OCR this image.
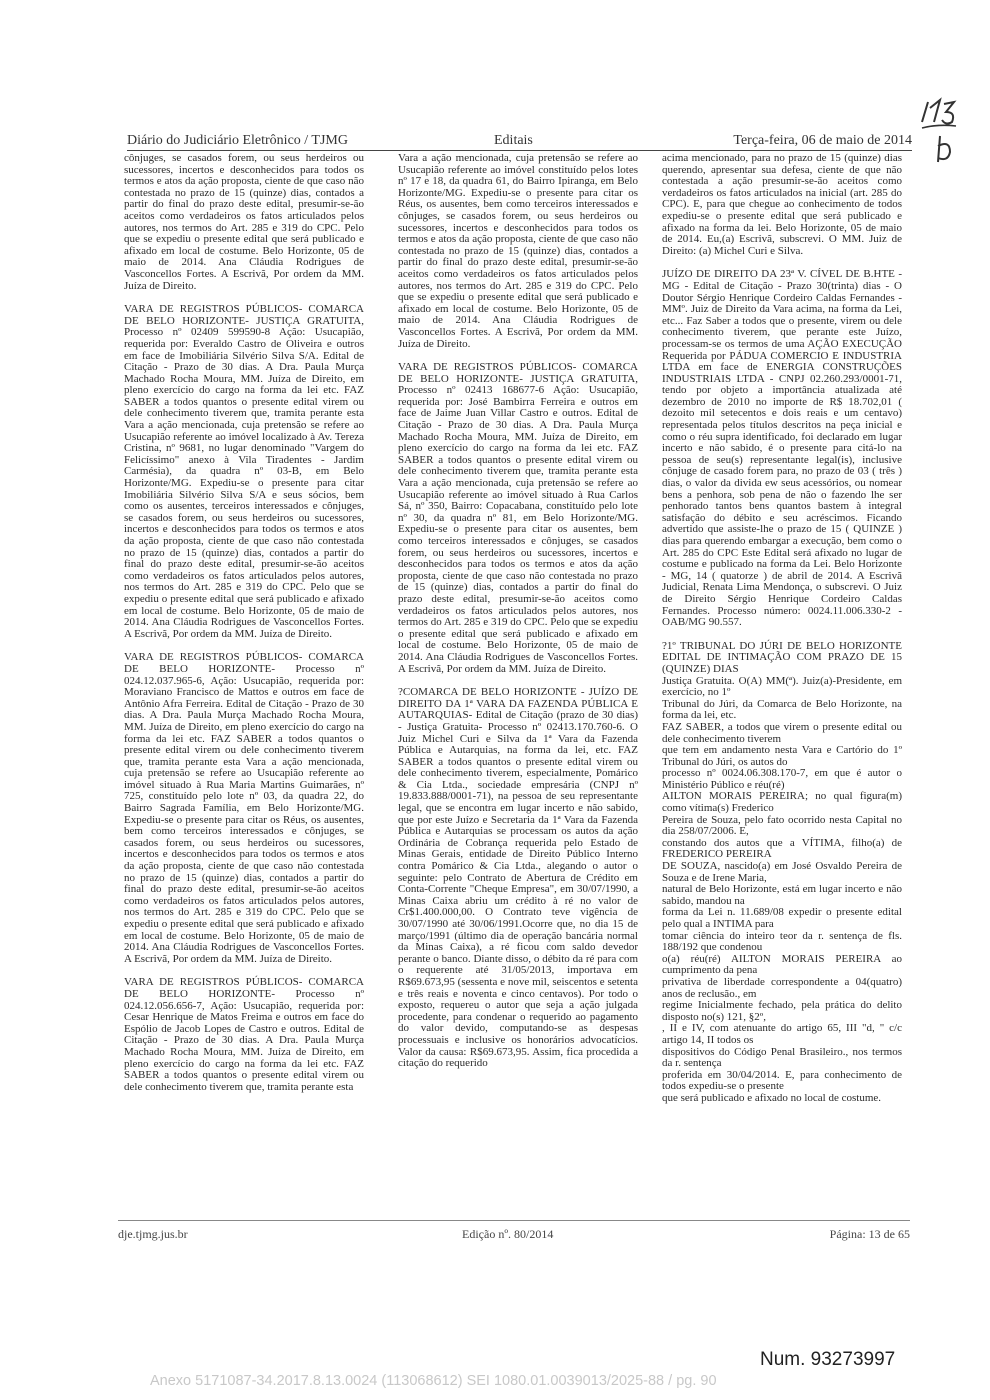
Diário do Judiciário Eletrônico / TJMG	Editais	Terça-feira, 06 de maio de 2014

cônjuges, se casados forem, ou seus herdeiros ou sucessores, incertos e desconhecidos para todos os termos e atos da ação proposta, ciente de que caso não contestada no prazo de 15 (quinze) dias, contados a partir do final do prazo deste edital, presumir-se-ão aceitos como verdadeiros os fatos articulados pelos autores, nos termos do Art. 285 e 319 do CPC. Pelo que se expediu o presente edital que será publicado e afixado em local de costume. Belo Horizonte, 05 de maio de 2014. Ana Cláudia Rodrigues de Vasconcellos Fortes. A Escrivã, Por ordem da MM. Juíza de Direito.

VARA DE REGISTROS PÚBLICOS- COMARCA DE BELO HORIZONTE- JUSTIÇA GRATUITA, Processo nº 02409 599590-8 Ação: Usucapião, requerida por: Everaldo Castro de Oliveira e outros em face de Imobiliária Silvério Silva S/A. Edital de Citação - Prazo de 30 dias. A Dra. Paula Murça Machado Rocha Moura, MM. Juíza de Direito, em pleno exercício do cargo na forma da lei etc. FAZ SABER a todos quantos o presente edital virem ou dele conhecimento tiverem que, tramita perante esta Vara a ação mencionada, cuja pretensão se refere ao Usucapião referente ao imóvel localizado à Av. Tereza Cristina, nº 9681, no lugar denominado "Vargem do Felicíssimo" anexo à Vila Tiradentes - Jardim Carmésia), da quadra nº 03-B, em Belo Horizonte/MG. Expediu-se o presente para citar Imobiliária Silvério Silva S/A e seus sócios, bem como os ausentes, terceiros interessados e cônjuges, se casados forem, ou seus herdeiros ou sucessores, incertos e desconhecidos para todos os termos e atos da ação proposta, ciente de que caso não contestada no prazo de 15 (quinze) dias, contados a partir do final do prazo deste edital, presumir-se-ão aceitos como verdadeiros os fatos articulados pelos autores, nos termos do Art. 285 e 319 do CPC. Pelo que se expediu o presente edital que será publicado e afixado em local de costume. Belo Horizonte, 05 de maio de 2014. Ana Cláudia Rodrigues de Vasconcellos Fortes. A Escrivã, Por ordem da MM. Juíza de Direito.

VARA DE REGISTROS PÚBLICOS- COMARCA DE BELO HORIZONTE- Processo nº 024.12.037.965-6, Ação: Usucapião, requerida por: Moraviano Francisco de Mattos e outros em face de Antônio Afra Ferreira. Edital de Citação - Prazo de 30 dias. A Dra. Paula Murça Machado Rocha Moura, MM. Juíza de Direito, em pleno exercício do cargo na forma da lei etc. FAZ SABER a todos quantos o presente edital virem ou dele conhecimento tiverem que, tramita perante esta Vara a ação mencionada, cuja pretensão se refere ao Usucapião referente ao imóvel situado à Rua Maria Martins Guimarães, nº 725, constituído pelo lote nº 03, da quadra 22, do Bairro Sagrada Família, em Belo Horizonte/MG. Expediu-se o presente para citar os Réus, os ausentes, bem como terceiros interessados e cônjuges, se casados forem, ou seus herdeiros ou sucessores, incertos e desconhecidos para todos os termos e atos da ação proposta, ciente de que caso não contestada no prazo de 15 (quinze) dias, contados a partir do final do prazo deste edital, presumir-se-ão aceitos como verdadeiros os fatos articulados pelos autores, nos termos do Art. 285 e 319 do CPC. Pelo que se expediu o presente edital que será publicado e afixado em local de costume. Belo Horizonte, 05 de maio de 2014. Ana Cláudia Rodrigues de Vasconcellos Fortes. A Escrivã, Por ordem da MM. Juíza de Direito.

VARA DE REGISTROS PÚBLICOS- COMARCA DE BELO HORIZONTE- Processo nº 024.12.056.656-7, Ação: Usucapião, requerida por: Cesar Henrique de Matos Freima e outros em face do Espólio de Jacob Lopes de Castro e outros. Edital de Citação - Prazo de 30 dias. A Dra. Paula Murça Machado Rocha Moura, MM. Juíza de Direito, em pleno exercício do cargo na forma da lei etc. FAZ SABER a todos quantos o presente edital virem ou dele conhecimento tiverem que, tramita perante esta

Vara a ação mencionada, cuja pretensão se refere ao Usucapião referente ao imóvel constituído pelos lotes nº 17 e 18, da quadra 61, do Bairro Ipiranga, em Belo Horizonte/MG. Expediu-se o presente para citar os Réus, os ausentes, bem como terceiros interessados e cônjuges, se casados forem, ou seus herdeiros ou sucessores, incertos e desconhecidos para todos os termos e atos da ação proposta, ciente de que caso não contestada no prazo de 15 (quinze) dias, contados a partir do final do prazo deste edital, presumir-se-ão aceitos como verdadeiros os fatos articulados pelos autores, nos termos do Art. 285 e 319 do CPC. Pelo que se expediu o presente edital que será publicado e afixado em local de costume. Belo Horizonte, 05 de maio de 2014. Ana Cláudia Rodrigues de Vasconcellos Fortes. A Escrivã, Por ordem da MM. Juíza de Direito.

VARA DE REGISTROS PÚBLICOS- COMARCA DE BELO HORIZONTE- JUSTIÇA GRATUITA, Processo nº 02413 168677-6 Ação: Usucapião, requerida por: José Bambirra Ferreira e outros em face de Jaime Juan Villar Castro e outros. Edital de Citação - Prazo de 30 dias. A Dra. Paula Murça Machado Rocha Moura, MM. Juíza de Direito, em pleno exercício do cargo na forma da lei etc. FAZ SABER a todos quantos o presente edital virem ou dele conhecimento tiverem que, tramita perante esta Vara a ação mencionada, cuja pretensão se refere ao Usucapião referente ao imóvel situado à Rua Carlos Sá, nº 350, Bairro: Copacabana, constituído pelo lote nº 30, da quadra nº 81, em Belo Horizonte/MG. Expediu-se o presente para citar os ausentes, bem como terceiros interessados e cônjuges, se casados forem, ou seus herdeiros ou sucessores, incertos e desconhecidos para todos os termos e atos da ação proposta, ciente de que caso não contestada no prazo de 15 (quinze) dias, contados a partir do final do prazo deste edital, presumir-se-ão aceitos como verdadeiros os fatos articulados pelos autores, nos termos do Art. 285 e 319 do CPC. Pelo que se expediu o presente edital que será publicado e afixado em local de costume. Belo Horizonte, 05 de maio de 2014. Ana Cláudia Rodrigues de Vasconcellos Fortes. A Escrivã, Por ordem da MM. Juíza de Direito.

?COMARCA DE BELO HORIZONTE - JUÍZO DE DIREITO DA 1ª VARA DA FAZENDA PÚBLICA E AUTARQUIAS- Edital de Citação (prazo de 30 dias) - Justiça Gratuita- Processo nº 02413.170.760-6. O Juiz Michel Curi e Silva da 1ª Vara da Fazenda Pública e Autarquias, na forma da lei, etc. FAZ SABER a todos quantos o presente edital virem ou dele conhecimento tiverem, especialmente, Pomárico & Cia Ltda., sociedade empresária (CNPJ nº 19.833.888/0001-71), na pessoa de seu representante legal, que se encontra em lugar incerto e não sabido, que por este Juízo e Secretaria da 1ª Vara da Fazenda Pública e Autarquias se processam os autos da ação Ordinária de Cobrança requerida pelo Estado de Minas Gerais, entidade de Direito Público Interno contra Pomárico & Cia Ltda., alegando o autor o seguinte: pelo Contrato de Abertura de Crédito em Conta-Corrente "Cheque Empresa", em 30/07/1990, a Minas Caixa abriu um crédito à ré no valor de Cr$1.400.000,00. O Contrato teve vigência de 30/07/1990 até 30/06/1991.Ocorre que, no dia 15 de março/1991 (último dia de operação bancária normal da Minas Caixa), a ré ficou com saldo devedor perante o banco. Diante disso, o débito da ré para com o requerente até 31/05/2013, importava em R$69.673,95 (sessenta e nove mil, seiscentos e setenta e três reais e noventa e cinco centavos). Por todo o exposto, requereu o autor que seja a ação julgada procedente, para condenar o requerido ao pagamento do valor devido, computando-se as despesas processuais e inclusive os honorários advocatícios. Valor da causa: R$69.673,95. Assim, fica procedida a citação do requerido

acima mencionado, para no prazo de 15 (quinze) dias querendo, apresentar sua defesa, ciente de que não contestada a ação presumir-se-ão aceitos como verdadeiros os fatos articulados na inicial (art. 285 do CPC). E, para que chegue ao conhecimento de todos expediu-se o presente edital que será publicado e afixado na forma da lei. Belo Horizonte, 05 de maio de 2014. Eu,(a) Escrivã, subscrevi. O MM. Juiz de Direito: (a) Michel Curi e Silva.

JUÍZO DE DIREITO DA 23ª V. CÍVEL DE B.HTE - MG - Edital de Citação - Prazo 30(trinta) dias - O Doutor Sérgio Henrique Cordeiro Caldas Fernandes - MMº. Juiz de Direito da Vara acima, na forma da Lei, etc... Faz Saber a todos que o presente, virem ou dele conhecimento tiverem, que perante este Juízo, processam-se os termos de uma AÇÃO EXECUÇÃO Requerida por PÁDUA COMERCIO E INDUSTRIA LTDA em face de ENERGIA CONSTRUÇÕES INDUSTRIAIS LTDA - CNPJ 02.260.293/0001-71, tendo por objeto a importância atualizada até dezembro de 2010 no importe de R$ 18.702,01 ( dezoito mil setecentos e dois reais e um centavo) representada pelos títulos descritos na peça inicial e como o réu supra identificado, foi declarado em lugar incerto e não sabido, é o presente para citá-lo na pessoa de seu(s) representante legal(is), inclusive cônjuge de casado forem para, no prazo de 03 ( três ) dias, o valor da divida ew seus acessórios, ou nomear bens a penhora, sob pena de não o fazendo lhe ser penhorado tantos bens quantos bastem à integral satisfação do débito e seu acréscimos. Ficando advertido que assiste-lhe o prazo de 15 ( QUINZE ) dias para querendo embargar a execução, bem como o Art. 285 do CPC Este Edital será afixado no lugar de costume e publicado na forma da Lei. Belo Horizonte - MG, 14 ( quatorze ) de abril de 2014. A Escrivã Judicial, Renata Lima Mendonça, o subscrevi. O Juiz de Direito Sérgio Henrique Cordeiro Caldas Fernandes. Processo número: 0024.11.006.330-2 - OAB/MG 90.557.

?1º TRIBUNAL DO JÚRI DE BELO HORIZONTE EDITAL DE INTIMAÇÃO COM PRAZO DE 15 (QUINZE) DIAS
Justiça Gratuita. O(A) MM(ª). Juiz(a)-Presidente, em exercício, no 1º
Tribunal do Júri, da Comarca de Belo Horizonte, na forma da lei, etc.
FAZ SABER, a todos que virem o presente edital ou dele conhecimento tiverem
que tem em andamento nesta Vara e Cartório do 1º Tribunal do Júri, os autos do
processo nº 0024.06.308.170-7, em que é autor o Ministério Público e réu(ré)
AILTON MORAIS PEREIRA; no qual figura(m) como vítima(s) Frederico
Pereira de Souza, pelo fato ocorrido nesta Capital no dia 258/07/2006. E,
constando dos autos que a VÍTIMA, filho(a) de FREDERICO PEREIRA
DE SOUZA, nascido(a) em José Osvaldo Pereira de Souza e de Irene Maria,
natural de Belo Horizonte, está em lugar incerto e não sabido, mandou na
forma da Lei n. 11.689/08 expedir o presente edital pelo qual a INTIMA para
tomar ciência do inteiro teor da r. sentença de fls. 188/192 que condenou
o(a) réu(ré) AILTON MORAIS PEREIRA ao cumprimento da pena
privativa de liberdade correspondente a 04(quatro) anos de reclusão., em
regime Inicialmente fechado, pela prática do delito disposto no(s) 121, §2º,
, II e IV, com atenuante do artigo 65, III "d, " c/c artigo 14, II todos os
dispositivos do Código Penal Brasileiro., nos termos da r. sentença
proferida em 30/04/2014. E, para conhecimento de todos expediu-se o presente
que será publicado e afixado no local de costume.

dje.tjmg.jus.br	Edição nº. 80/2014	Página: 13 de 65
Num. 93273997
Anexo 5171087-34.2017.8.13.0024 (113068612) SEI 1080.01.0039013/2025-88 / pg. 90
